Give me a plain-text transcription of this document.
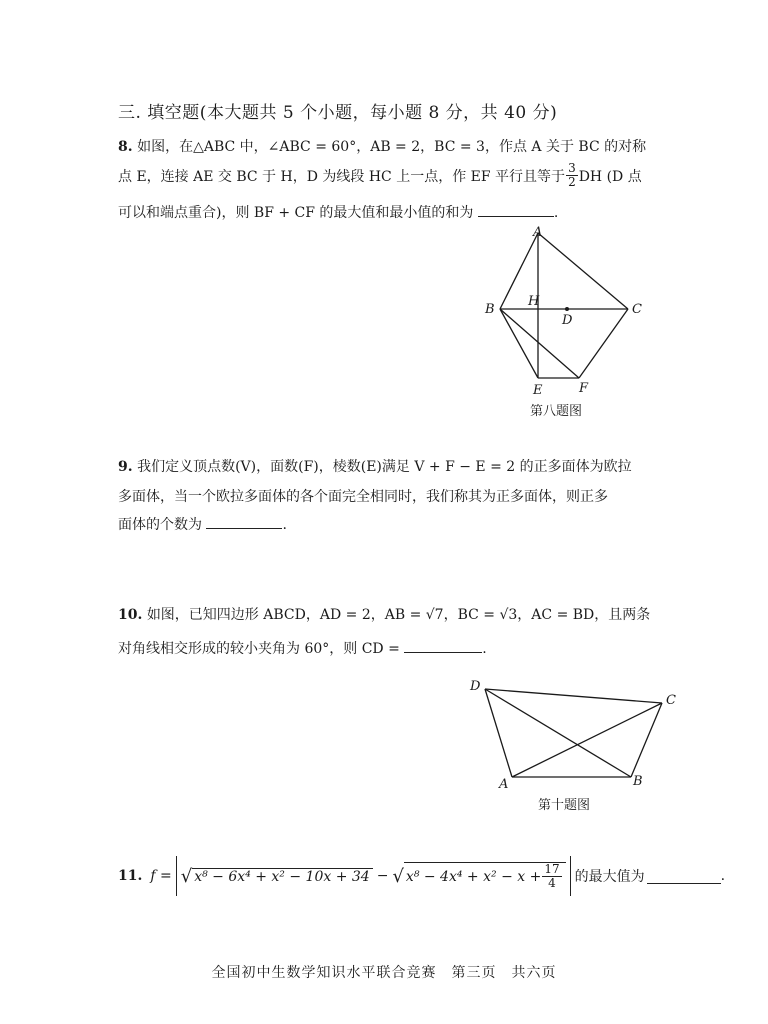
三. 填空题(本大题共 5 个小题，每小题 8 分，共 40 分)
8. 如图，在△ABC 中，∠ABC = 60°，AB = 2，BC = 3，作点 A 关于 BC 的对称
点 E，连接 AE 交 BC 于 H，D 为线段 HC 上一点，作 EF 平行且等于 $\frac{3}{2}$ DH (D 点
可以和端点重合)，则 BF + CF 的最大值和最小值的和为	.
A
B	C
D
H
E	F
第八题图
9. 我们定义顶点数(V)，面数(F)，棱数(E)满足 V + F − E = 2 的正多面体为欧拉
多面体，当一个欧拉多面体的各个面完全相同时，我们称其为正多面体，则正多
面体的个数为	.
10. 如图，已知四边形 ABCD，AD = 2，AB = √7，BC = √3，AC = BD，且两条
对角线相交形成的较小夹角为 60°，则 CD =	.
D
C
A	B
第十题图
11. f = √ x⁸ − 6x⁴ + x² − 10x + 34 − √ $x^8 - 4x^4 + x^2 - x + \frac{17}{4}$ 的最大值为	.
全国初中生数学知识水平联合竞赛　第三页　共六页
